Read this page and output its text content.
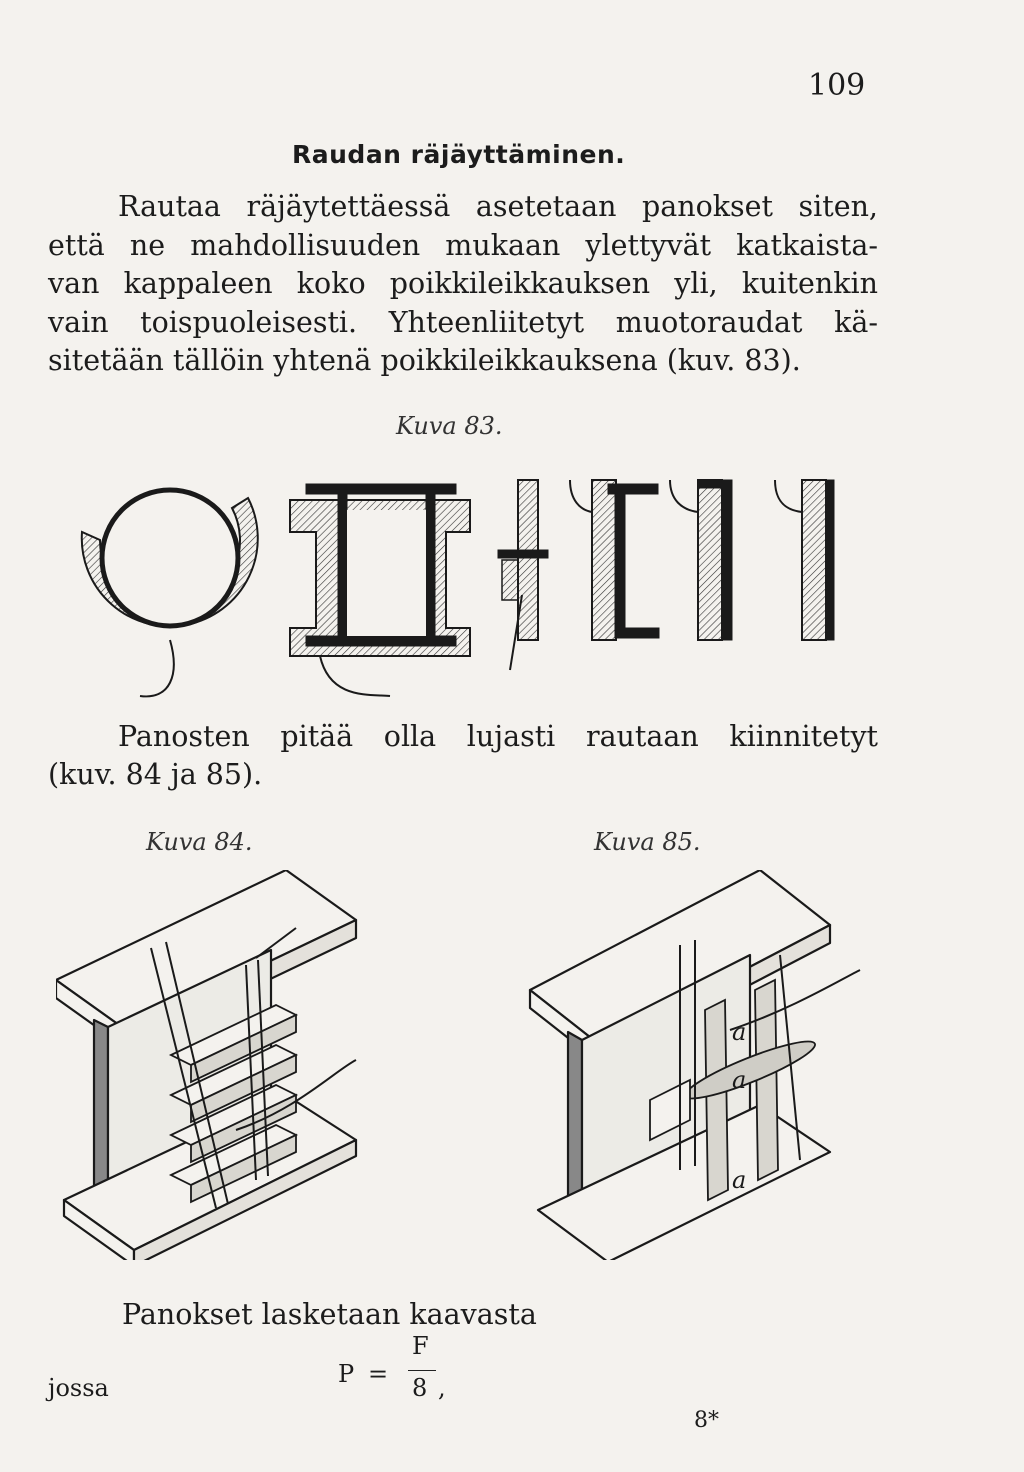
109
Raudan räjäyttäminen.
Rautaa räjäytettäessä asetetaan panokset siten,
että ne mahdollisuuden mukaan ylettyvät katkaista-
van kappaleen koko poikkileikkauksen yli, kuitenkin
vain toispuoleisesti. Yhteenliitetyt muotoraudat kä-
sitetään tällöin yhtenä poikkileikkauksena (kuv. 83).
Kuva 83.
Panosten pitää olla lujasti rautaan kiinnitetyt
(kuv. 84 ja 85).
Kuva 84.	Kuva 85.
a
a
a
Panokset lasketaan kaavasta
P =
F
8 ,
jossa
8*
